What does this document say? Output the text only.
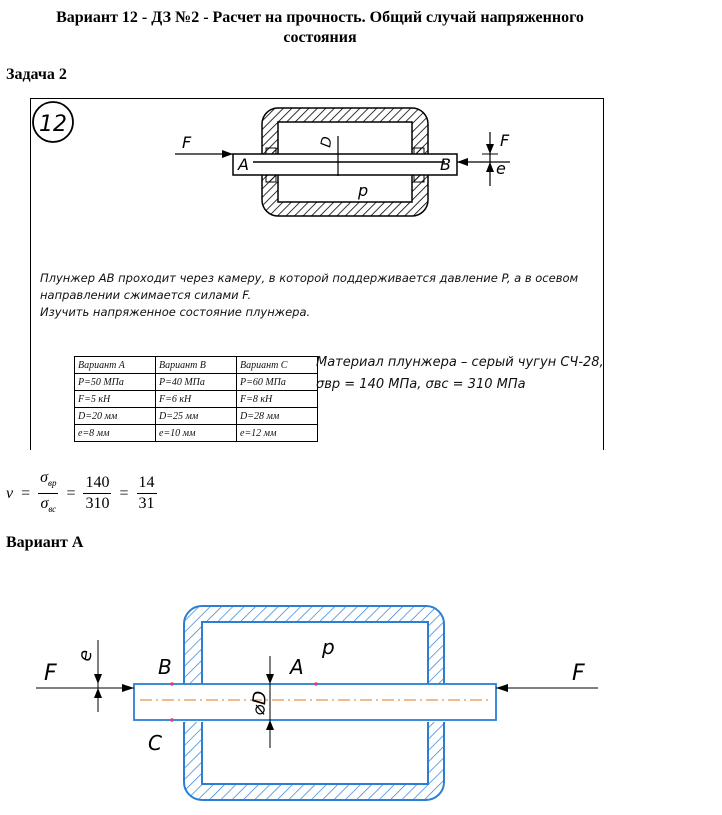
Вариант 12 - ДЗ №2 - Расчет на прочность. Общий случай напряженного
состояния
Задача 2
12
F	F
A	B
D
p
e
Плунжер AB проходит через камеру, в которой поддерживается давление P, а в осевом
направлении сжимается силами F.
Изучить напряженное состояние плунжера.
Вариант A	Вариант B	Вариант C
P=50 МПа	P=40 МПа	P=60 МПа
F=5 кН	F=6 кН	F=8 кН
D=20 мм	D=25 мм	D=28 мм
e=8 мм	e=10 мм	e=12 мм
Материал плунжера – серый чугун СЧ-28,
σвр = 140 МПа, σвс = 310 МПа
$\nu = \frac{\sigma_{вр}}{\sigma_{вс}} = \frac{140}{310} = \frac{14}{31}$
Вариант A
F	F
e	B	A
C
p
⌀D
